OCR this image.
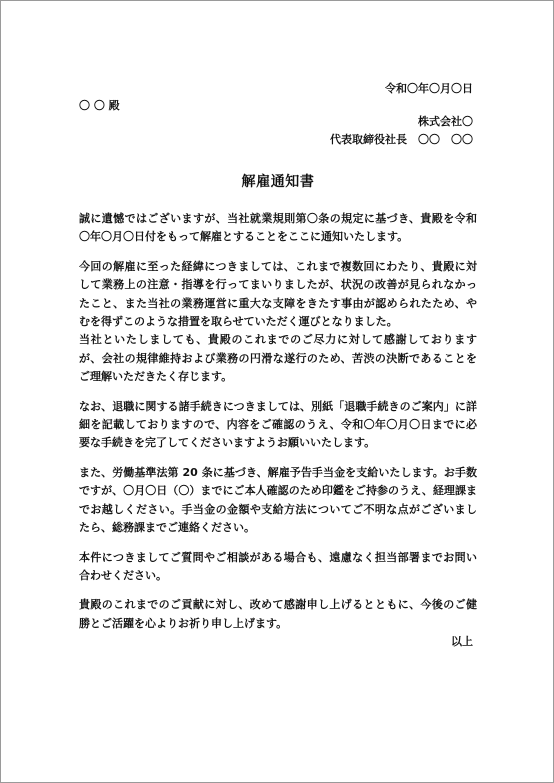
令和〇年〇月〇日
〇 〇 殿
株式会社〇
代表取締役社長　〇〇　〇〇
解雇通知書
誠に遺憾ではございますが、当社就業規則第〇条の規定に基づき、貴殿を令和
〇年〇月〇日付をもって解雇とすることをここに通知いたします。
今回の解雇に至った経緯につきましては、これまで複数回にわたり、貴殿に対
して業務上の注意・指導を行ってまいりましたが、状況の改善が見られなかっ
たこと、また当社の業務運営に重大な支障をきたす事由が認められたため、や
むを得ずこのような措置を取らせていただく運びとなりました。
当社といたしましても、貴殿のこれまでのご尽力に対して感謝しております
が、会社の規律維持および業務の円滑な遂行のため、苦渋の決断であることを
ご理解いただきたく存じます。
なお、退職に関する諸手続きにつきましては、別紙「退職手続きのご案内」に詳
細を記載しておりますので、内容をご確認のうえ、令和〇年〇月〇日までに必
要な手続きを完了してくださいますようお願いいたします。
また、労働基準法第 20 条に基づき、解雇予告手当金を支給いたします。お手数
ですが、〇月〇日（〇）までにご本人確認のため印鑑をご持参のうえ、経理課ま
でお越しください。手当金の金額や支給方法についてご不明な点がございまし
たら、総務課までご連絡ください。
本件につきましてご質問やご相談がある場合も、遠慮なく担当部署までお問い
合わせください。
貴殿のこれまでのご貢献に対し、改めて感謝申し上げるとともに、今後のご健
勝とご活躍を心よりお祈り申し上げます。
以上
